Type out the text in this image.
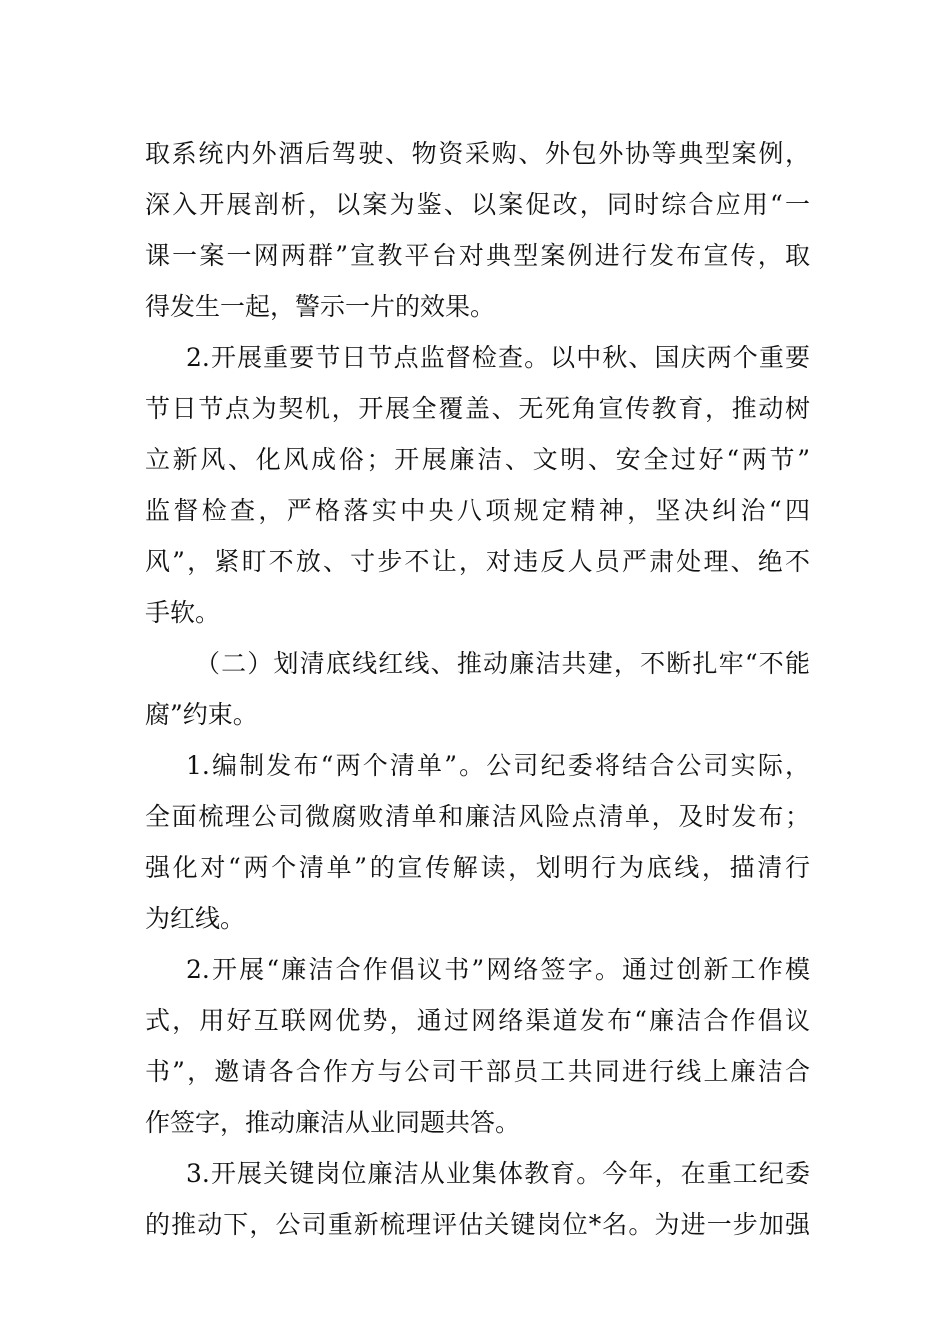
取系统内外酒后驾驶、物资采购、外包外协等典型案例，
深入开展剖析，以案为鉴、以案促改，同时综合应用“一
课一案一网两群”宣教平台对典型案例进行发布宣传，取
得发生一起，警示一片的效果。
2.开展重要节日节点监督检查。以中秋、国庆两个重要
节日节点为契机，开展全覆盖、无死角宣传教育，推动树
立新风、化风成俗；开展廉洁、文明、安全过好“两节”
监督检查，严格落实中央八项规定精神，坚决纠治“四
风”，紧盯不放、寸步不让，对违反人员严肃处理、绝不
手软。
（二）划清底线红线、推动廉洁共建，不断扎牢“不能
腐”约束。
1.编制发布“两个清单”。公司纪委将结合公司实际，
全面梳理公司微腐败清单和廉洁风险点清单，及时发布；
强化对“两个清单”的宣传解读，划明行为底线，描清行
为红线。
2.开展“廉洁合作倡议书”网络签字。通过创新工作模
式，用好互联网优势，通过网络渠道发布“廉洁合作倡议
书”，邀请各合作方与公司干部员工共同进行线上廉洁合
作签字，推动廉洁从业同题共答。
3.开展关键岗位廉洁从业集体教育。今年，在重工纪委
的推动下，公司重新梳理评估关键岗位*名。为进一步加强
